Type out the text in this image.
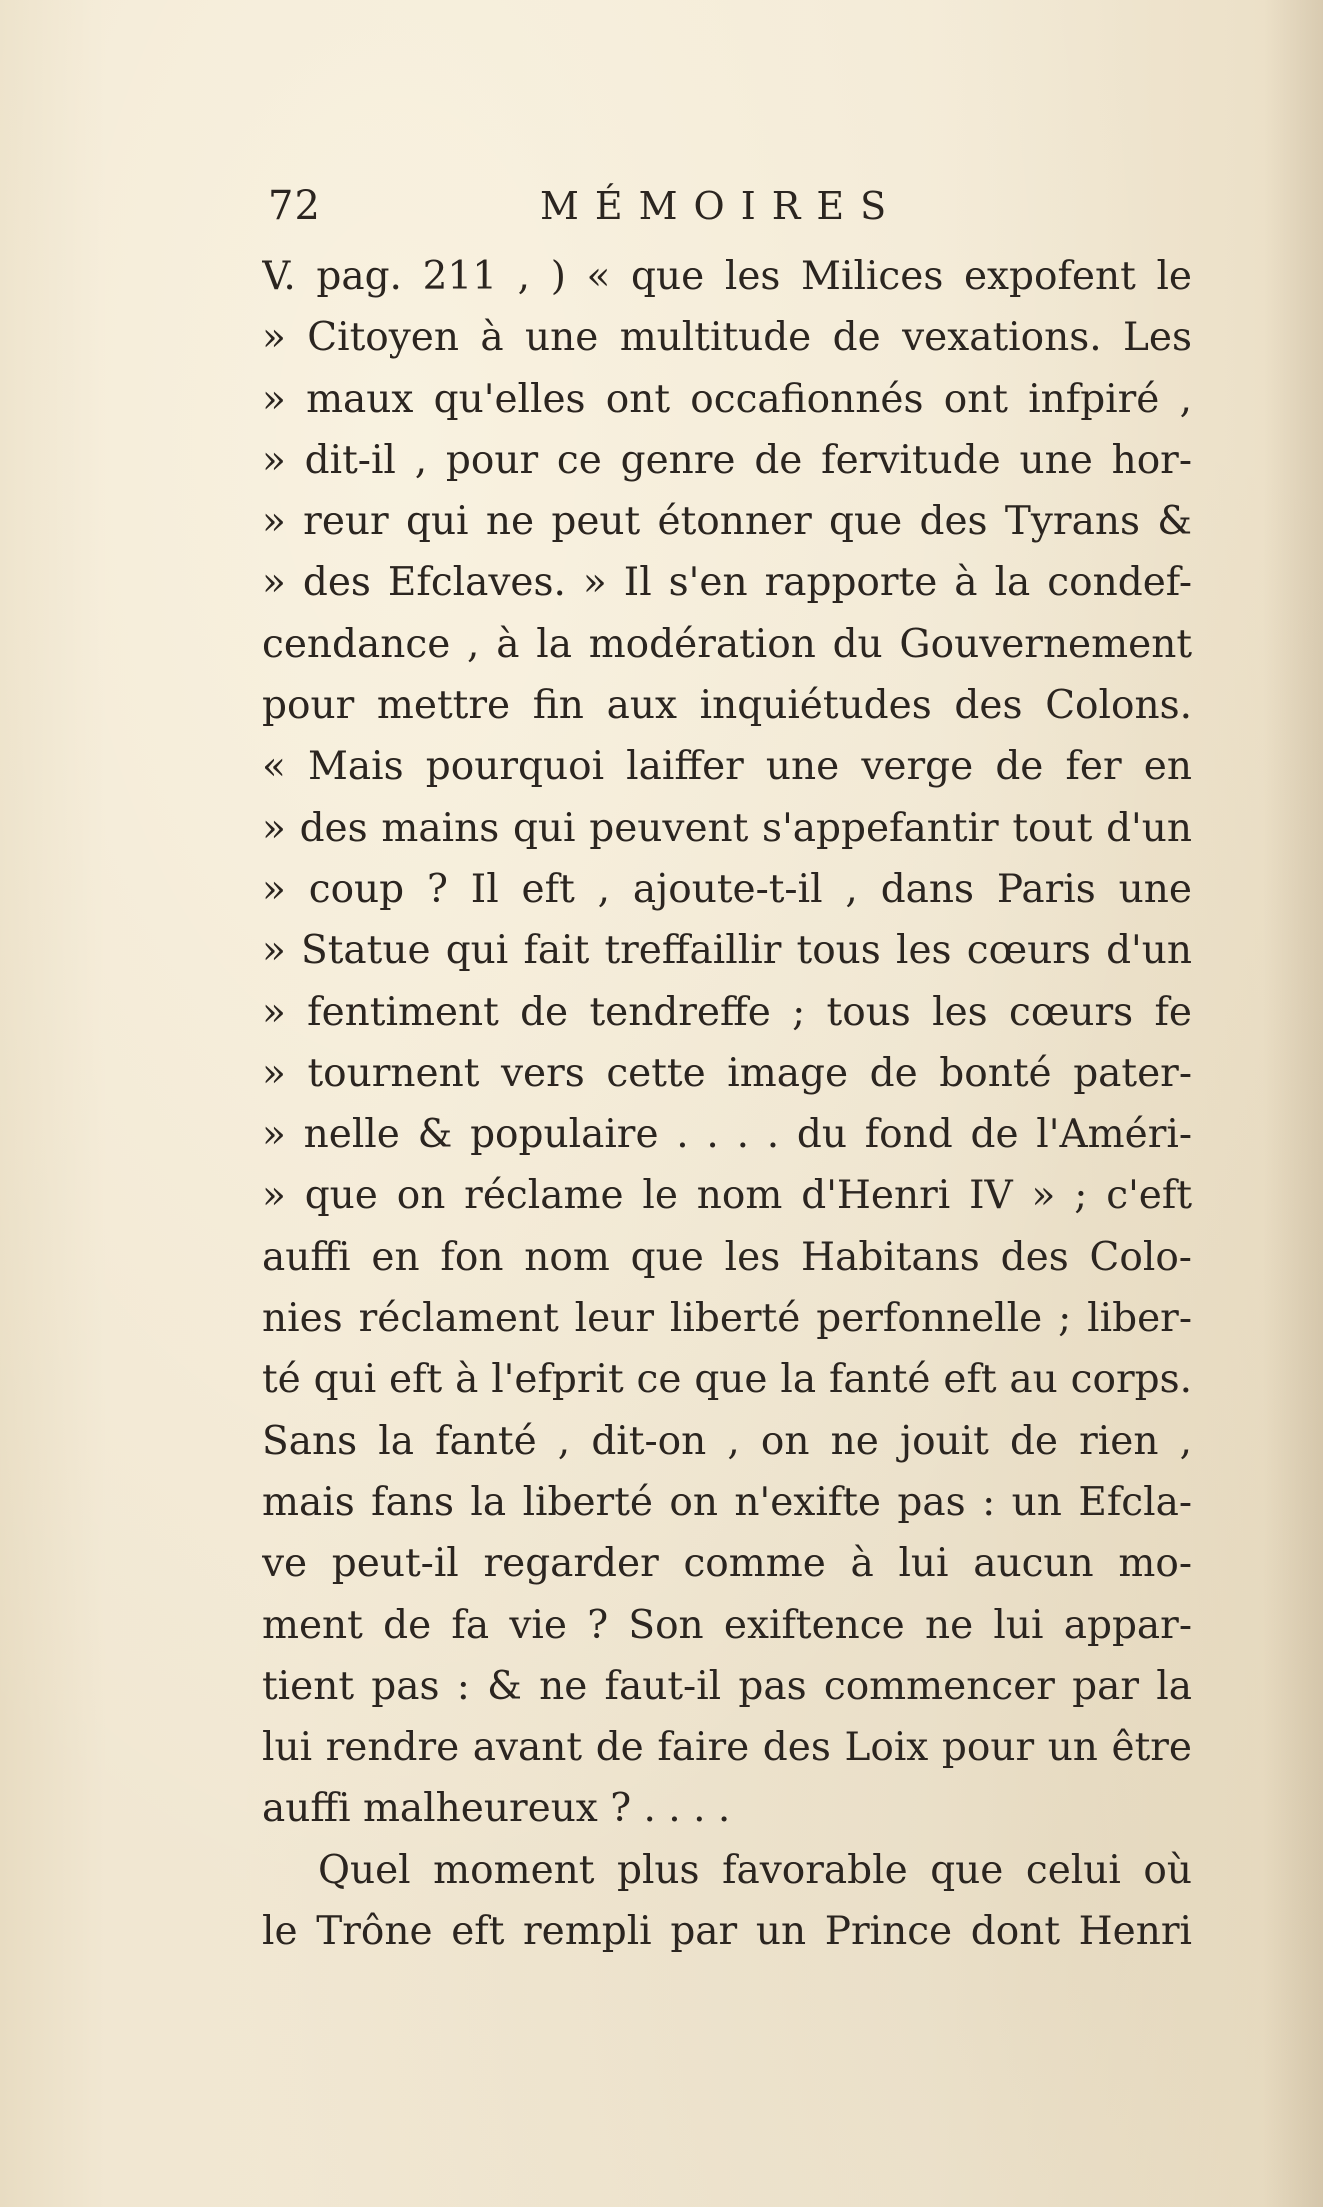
72	MÉMOIRES
V. pag. 211 , ) « que les Milices expofent le
» Citoyen à une multitude de vexations. Les
» maux qu'elles ont occafionnés ont infpiré ,
» dit-il , pour ce genre de fervitude une hor-
» reur qui ne peut étonner que des Tyrans &
» des Efclaves. » Il s'en rapporte à la condef-
cendance , à la modération du Gouvernement
pour mettre fin aux inquiétudes des Colons.
« Mais pourquoi laiffer une verge de fer en
» des mains qui peuvent s'appefantir tout d'un
» coup ? Il eft , ajoute-t-il , dans Paris une
» Statue qui fait treffaillir tous les cœurs d'un
» fentiment de tendreffe ; tous les cœurs fe
» tournent vers cette image de bonté pater-
» nelle & populaire . . . . du fond de l'Améri-
» que on réclame le nom d'Henri IV » ; c'eft
auffi en fon nom que les Habitans des Colo-
nies réclament leur liberté perfonnelle ; liber-
té qui eft à l'efprit ce que la fanté eft au corps.
Sans la fanté , dit-on , on ne jouit de rien ,
mais fans la liberté on n'exifte pas : un Efcla-
ve peut-il regarder comme à lui aucun mo-
ment de fa vie ? Son exiftence ne lui appar-
tient pas : & ne faut-il pas commencer par la
lui rendre avant de faire des Loix pour un être
auffi malheureux ? . . . .
Quel moment plus favorable que celui où
le Trône eft rempli par un Prince dont Henri
